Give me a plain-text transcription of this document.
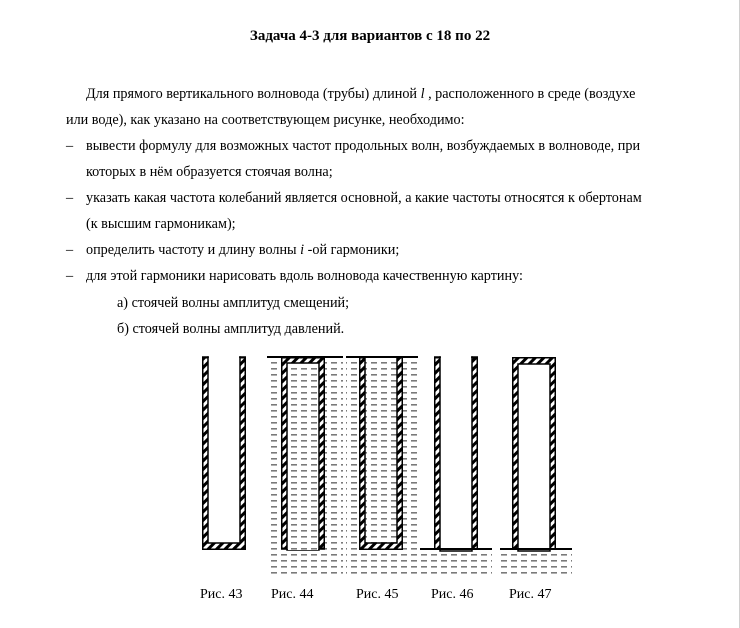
Задача 4-3 для вариантов с 18 по 22
Для прямого вертикального волновода (трубы) длиной l , расположенного в среде (воздухе
или воде), как указано на соответствующем рисунке, необходимо:
– вывести формулу для возможных частот продольных волн, возбуждаемых в волноводе, при
которых в нём образуется стоячая волна;
– указать какая частота колебаний является основной, а какие частоты относятся к обертонам
(к высшим гармоникам);
– определить частоту и длину волны i -ой гармоники;
– для этой гармоники нарисовать вдоль волновода качественную картину:
а) стоячей волны амплитуд смещений;
б) стоячей волны амплитуд давлений.
Рис. 43 Рис. 44	Рис. 45 Рис. 46	Рис. 47
